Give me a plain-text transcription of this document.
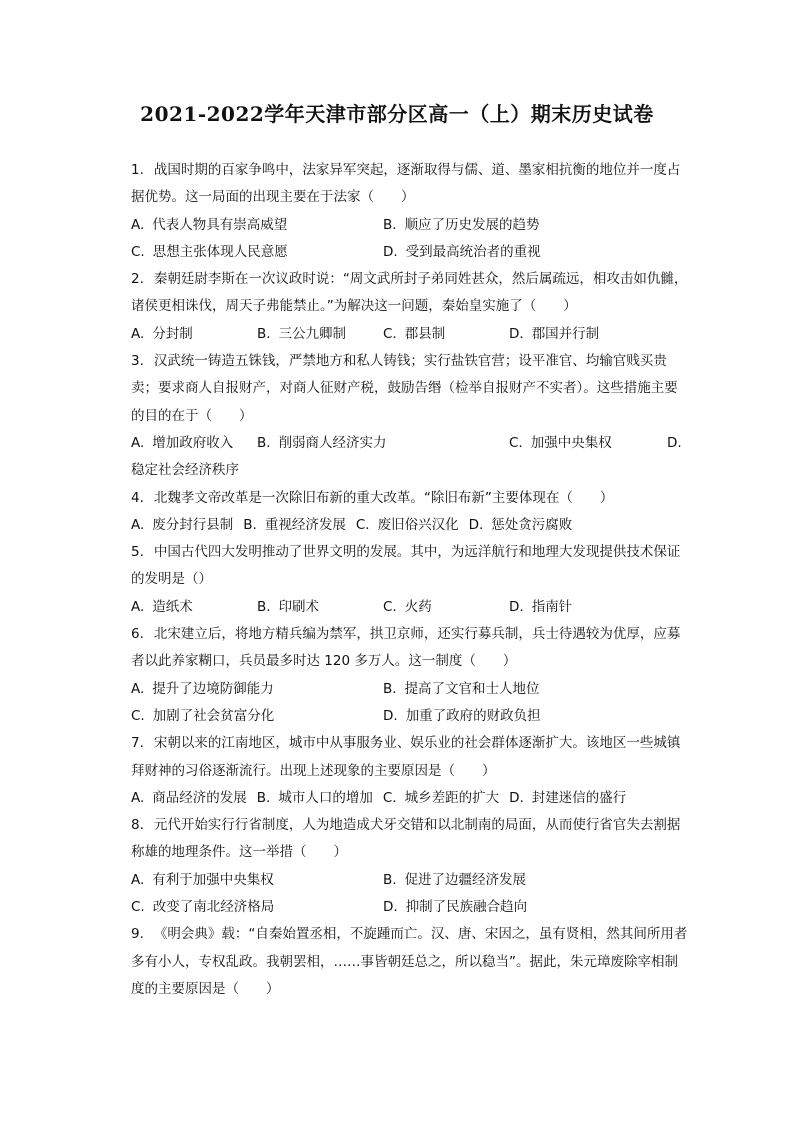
2021-2022学年天津市部分区高一（上）期末历史试卷
1. 战国时期的百家争鸣中，法家异军突起，逐渐取得与儒、道、墨家相抗衡的地位并一度占据优势。这一局面的出现主要在于法家（　　）
A. 代表人物具有崇高威望	B. 顺应了历史发展的趋势
C. 思想主张体现人民意愿	D. 受到最高统治者的重视
2. 秦朝廷尉李斯在一次议政时说：“周文武所封子弟同姓甚众，然后属疏远，相攻击如仇雠，诸侯更相诛伐，周天子弗能禁止。”为解决这一问题，秦始皇实施了（　　）
A. 分封制	B. 三公九卿制	C. 郡县制	D. 郡国并行制
3. 汉武统一铸造五铢钱，严禁地方和私人铸钱；实行盐铁官营；设平准官、均输官贱买贵卖；要求商人自报财产，对商人征财产税，鼓励告缗（检举自报财产不实者）。这些措施主要的目的在于（　　）
A. 增加政府收入	B. 削弱商人经济实力	C. 加强中央集权	D.
稳定社会经济秩序
4. 北魏孝文帝改革是一次除旧布新的重大改革。“除旧布新”主要体现在（　　）
A. 废分封行县制 B. 重视经济发展 C. 废旧俗兴汉化 D. 惩处贪污腐败
5. 中国古代四大发明推动了世界文明的发展。其中，为远洋航行和地理大发现提供技术保证的发明是（）
A. 造纸术	B. 印刷术	C. 火药	D. 指南针
6. 北宋建立后，将地方精兵编为禁军，拱卫京师，还实行募兵制，兵士待遇较为优厚，应募者以此养家糊口，兵员最多时达 120 多万人。这一制度（　　）
A. 提升了边境防御能力	B. 提高了文官和士人地位
C. 加剧了社会贫富分化	D. 加重了政府的财政负担
7. 宋朝以来的江南地区，城市中从事服务业、娱乐业的社会群体逐渐扩大。该地区一些城镇拜财神的习俗逐渐流行。出现上述现象的主要原因是（　　）
A. 商品经济的发展 B. 城市人口的增加 C. 城乡差距的扩大 D. 封建迷信的盛行
8. 元代开始实行行省制度，人为地造成犬牙交错和以北制南的局面，从而使行省官失去割据称雄的地理条件。这一举措（　　）
A. 有利于加强中央集权	B. 促进了边疆经济发展
C. 改变了南北经济格局	D. 抑制了民族融合趋向
9. 《明会典》载：“自秦始置丞相，不旋踵而亡。汉、唐、宋因之，虽有贤相，然其间所用者多有小人，专权乱政。我朝罢相，……事皆朝廷总之，所以稳当”。据此，朱元璋废除宰相制度的主要原因是（　　）
